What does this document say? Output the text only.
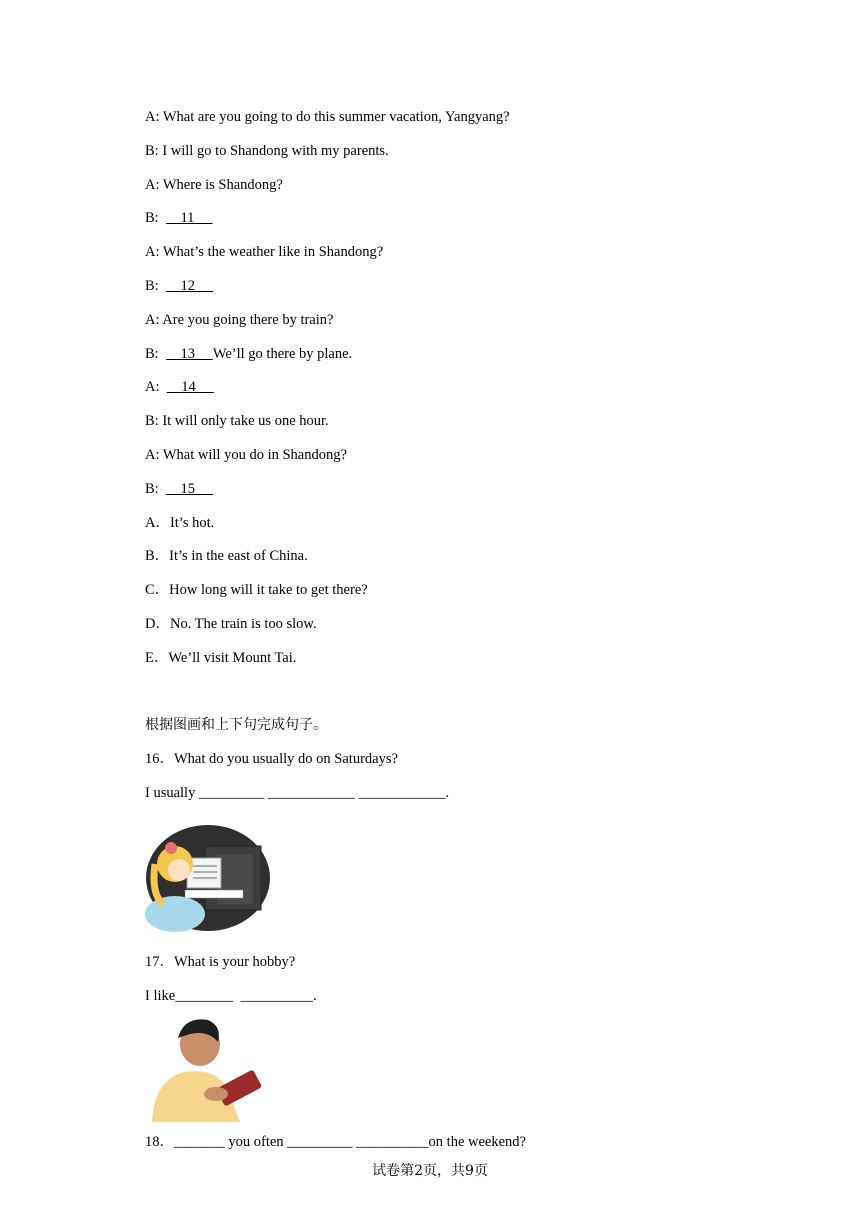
A: What are you going to do this summer vacation, Yangyang?
B: I will go to Shandong with my parents.
A: Where is Shandong?
B: 11
A: What’s the weather like in Shandong?
B: 12
A: Are you going there by train?
B: 13 We’ll go there by plane.
A: 14
B: It will only take us one hour.
A: What will you do in Shandong?
B: 15
A．It’s hot.
B．It’s in the east of China.
C．How long will it take to get there?
D．No. The train is too slow.
E．We’ll visit Mount Tai.
根据图画和上下句完成句子。
16．What do you usually do on Saturdays?
I usually _________ ____________ ____________.
17．What is your hobby?
I like________  __________.
18．_______ you often _________ __________on the weekend?
试卷第2页，共9页
